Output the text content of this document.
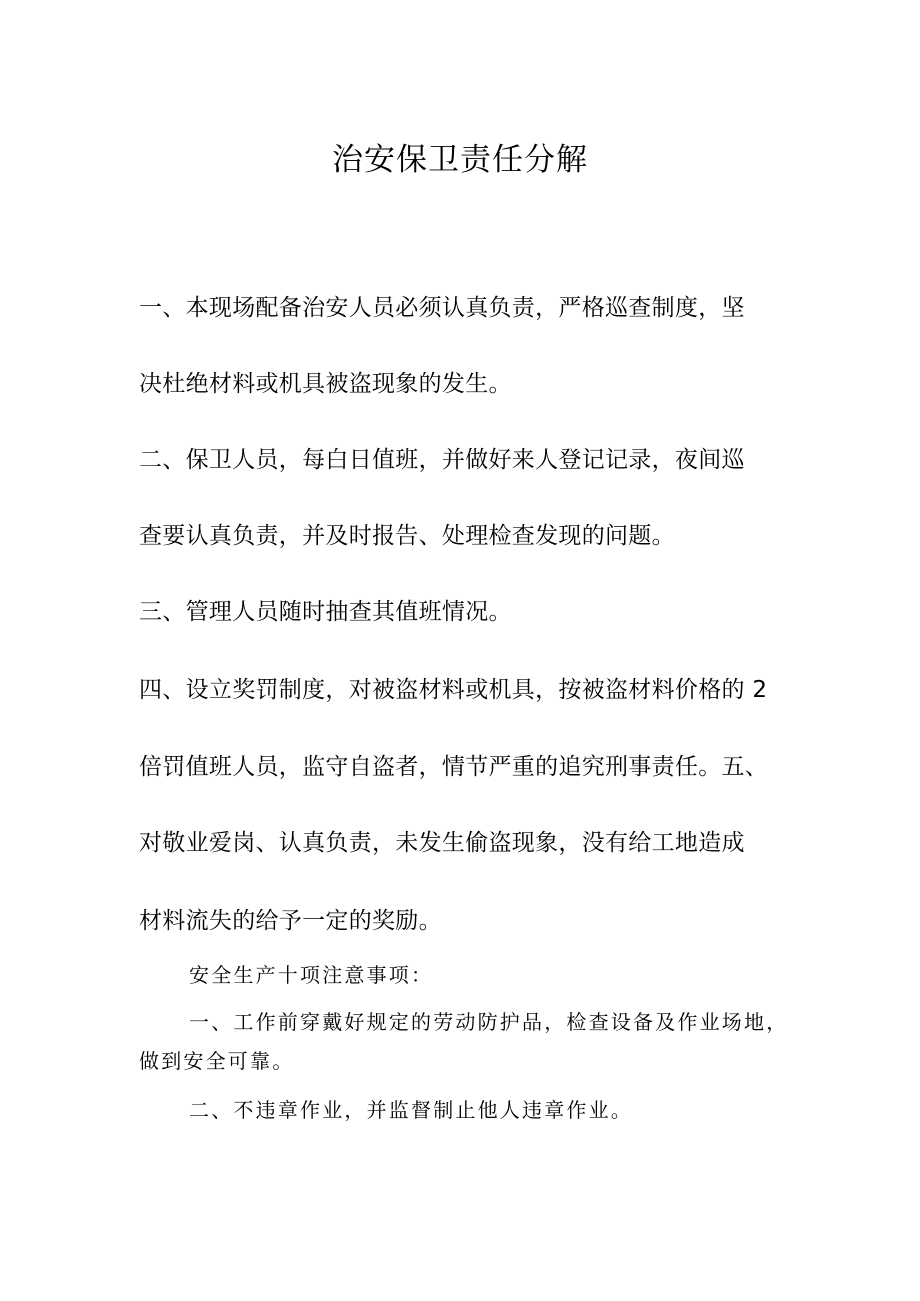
治安保卫责任分解
一、本现场配备治安人员必须认真负责，严格巡查制度，坚
决杜绝材料或机具被盗现象的发生。
二、保卫人员，每白日值班，并做好来人登记记录，夜间巡
查要认真负责，并及时报告、处理检查发现的问题。
三、管理人员随时抽查其值班情况。
四、设立奖罚制度，对被盗材料或机具，按被盗材料价格的 2
倍罚值班人员，监守自盗者，情节严重的追究刑事责任。五、
对敬业爱岗、认真负责，未发生偷盗现象，没有给工地造成
材料流失的给予一定的奖励。
安全生产十项注意事项：
一、工作前穿戴好规定的劳动防护品，检查设备及作业场地，
做到安全可靠。
二、不违章作业，并监督制止他人违章作业。
